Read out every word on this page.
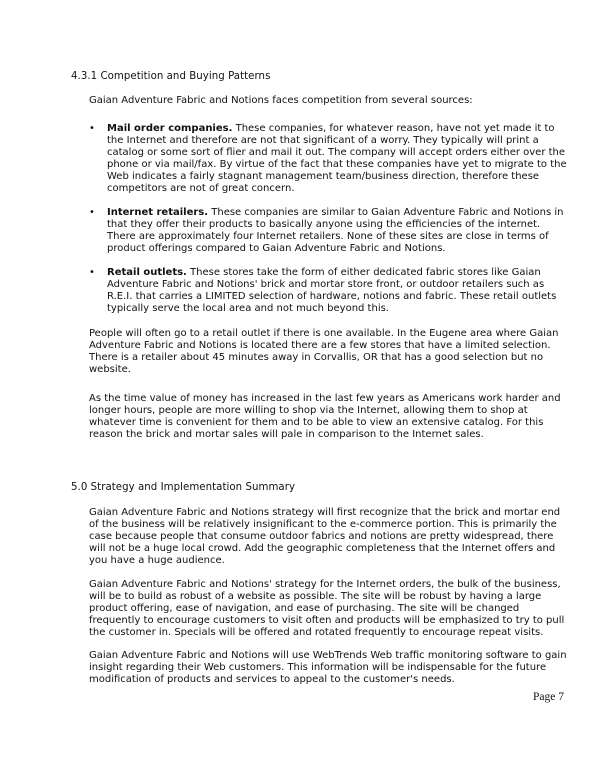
4.3.1 Competition and Buying Patterns

Gaian Adventure Fabric and Notions faces competition from several sources:

• Mail order companies. These companies, for whatever reason, have not yet made it to the Internet and therefore are not that significant of a worry. They typically will print a catalog or some sort of flier and mail it out. The company will accept orders either over the phone or via mail/fax. By virtue of the fact that these companies have yet to migrate to the Web indicates a fairly stagnant management team/business direction, therefore these competitors are not of great concern.
• Internet retailers. These companies are similar to Gaian Adventure Fabric and Notions in that they offer their products to basically anyone using the efficiencies of the internet. There are approximately four Internet retailers. None of these sites are close in terms of product offerings compared to Gaian Adventure Fabric and Notions.
• Retail outlets. These stores take the form of either dedicated fabric stores like Gaian Adventure Fabric and Notions' brick and mortar store front, or outdoor retailers such as R.E.I. that carries a LIMITED selection of hardware, notions and fabric. These retail outlets typically serve the local area and not much beyond this.

People will often go to a retail outlet if there is one available. In the Eugene area where Gaian Adventure Fabric and Notions is located there are a few stores that have a limited selection. There is a retailer about 45 minutes away in Corvallis, OR that has a good selection but no website.

As the time value of money has increased in the last few years as Americans work harder and longer hours, people are more willing to shop via the Internet, allowing them to shop at whatever time is convenient for them and to be able to view an extensive catalog. For this reason the brick and mortar sales will pale in comparison to the Internet sales.

5.0 Strategy and Implementation Summary

Gaian Adventure Fabric and Notions strategy will first recognize that the brick and mortar end of the business will be relatively insignificant to the e-commerce portion. This is primarily the case because people that consume outdoor fabrics and notions are pretty widespread, there will not be a huge local crowd. Add the geographic completeness that the Internet offers and you have a huge audience.

Gaian Adventure Fabric and Notions' strategy for the Internet orders, the bulk of the business, will be to build as robust of a website as possible. The site will be robust by having a large product offering, ease of navigation, and ease of purchasing. The site will be changed frequently to encourage customers to visit often and products will be emphasized to try to pull the customer in. Specials will be offered and rotated frequently to encourage repeat visits.

Gaian Adventure Fabric and Notions will use WebTrends Web traffic monitoring software to gain insight regarding their Web customers. This information will be indispensable for the future modification of products and services to appeal to the customer's needs.

Page 7
